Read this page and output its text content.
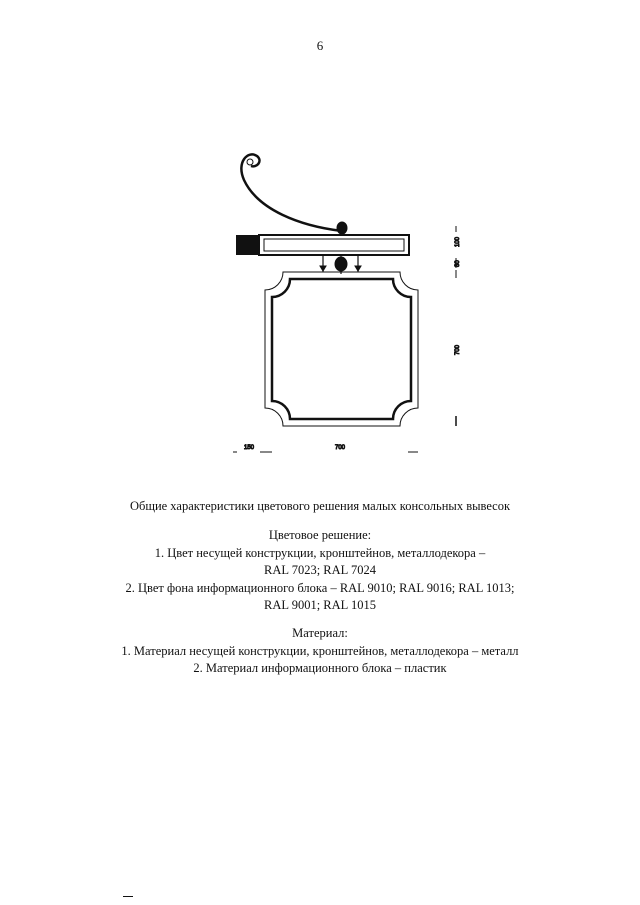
6
100
80
700
150	700
Общие характеристики цветового решения малых консольных вывесок
Цветовое решение:
1. Цвет несущей конструкции, кронштейнов, металлодекора –
RAL 7023; RAL 7024
2. Цвет фона информационного блока – RAL 9010; RAL 9016; RAL 1013;
RAL 9001; RAL 1015
Материал:
1. Материал несущей конструкции, кронштейнов, металлодекора – металл
2. Материал информационного блока – пластик
